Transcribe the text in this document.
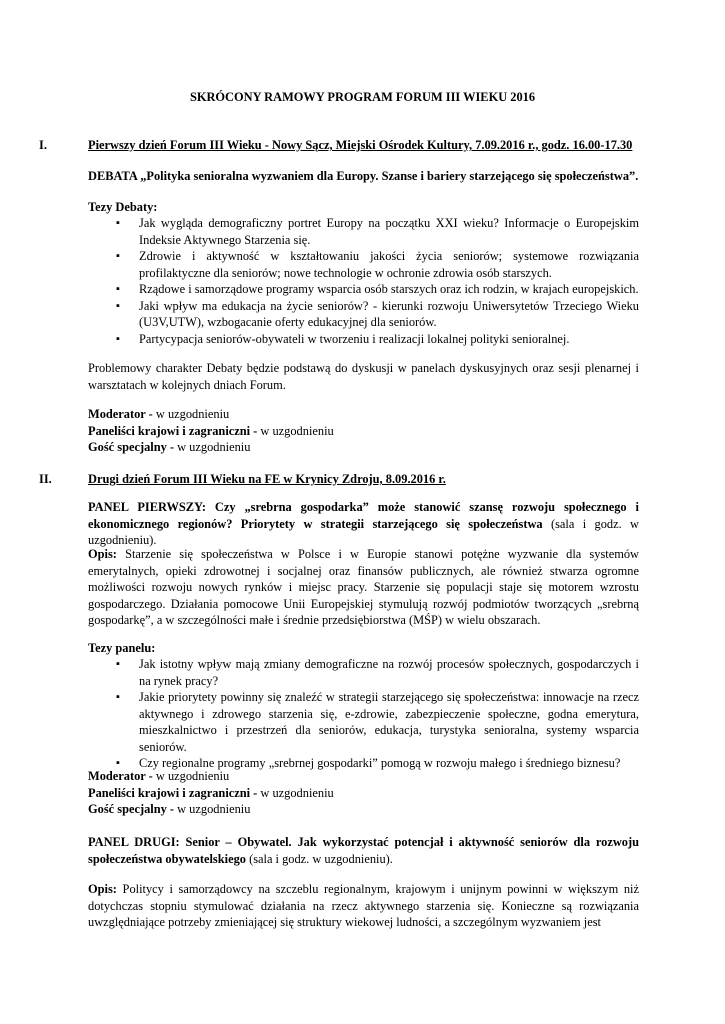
SKRÓCONY RAMOWY PROGRAM FORUM III WIEKU 2016
I.	Pierwszy dzień Forum III Wieku - Nowy Sącz, Miejski Ośrodek Kultury, 7.09.2016 r., godz. 16.00-17.30
DEBATA „Polityka senioralna wyzwaniem dla Europy. Szanse i bariery starzejącego się społeczeństwa”.
Tezy Debaty:
▪ Jak wygląda demograficzny portret Europy na początku XXI wieku? Informacje o Europejskim Indeksie Aktywnego Starzenia się.
▪ Zdrowie i aktywność w kształtowaniu jakości życia seniorów; systemowe rozwiązania profilaktyczne dla seniorów; nowe technologie w ochronie zdrowia osób starszych.
▪ Rządowe i samorządowe programy wsparcia osób starszych oraz ich rodzin, w krajach europejskich.
▪ Jaki wpływ ma edukacja na życie seniorów? - kierunki rozwoju Uniwersytetów Trzeciego Wieku (U3V,UTW), wzbogacanie oferty edukacyjnej dla seniorów.
▪ Partycypacja seniorów-obywateli w tworzeniu i realizacji lokalnej polityki senioralnej.
Problemowy charakter Debaty będzie podstawą do dyskusji w panelach dyskusyjnych oraz sesji plenarnej i warsztatach w kolejnych dniach Forum.
Moderator - w uzgodnieniu
Paneliści krajowi i zagraniczni - w uzgodnieniu
Gość specjalny - w uzgodnieniu
II.	Drugi dzień Forum III Wieku na FE w Krynicy Zdroju, 8.09.2016 r.
PANEL PIERWSZY: Czy „srebrna gospodarka” może stanowić szansę rozwoju społecznego i ekonomicznego regionów? Priorytety w strategii starzejącego się społeczeństwa (sala i godz. w uzgodnieniu).
Opis: Starzenie się społeczeństwa w Polsce i w Europie stanowi potężne wyzwanie dla systemów emerytalnych, opieki zdrowotnej i socjalnej oraz finansów publicznych, ale również stwarza ogromne możliwości rozwoju nowych rynków i miejsc pracy. Starzenie się populacji staje się motorem wzrostu gospodarczego. Działania pomocowe Unii Europejskiej stymulują rozwój podmiotów tworzących „srebrną gospodarkę”, a w szczególności małe i średnie przedsiębiorstwa (MŚP) w wielu obszarach.
Tezy panelu:
▪ Jak istotny wpływ mają zmiany demograficzne na rozwój procesów społecznych, gospodarczych i na rynek pracy?
▪ Jakie priorytety powinny się znaleźć w strategii starzejącego się społeczeństwa: innowacje na rzecz aktywnego i zdrowego starzenia się, e-zdrowie, zabezpieczenie społeczne, godna emerytura, mieszkalnictwo i przestrzeń dla seniorów, edukacja, turystyka senioralna, systemy wsparcia seniorów.
▪ Czy regionalne programy „srebrnej gospodarki” pomogą w rozwoju małego i średniego biznesu?
Moderator - w uzgodnieniu
Paneliści krajowi i zagraniczni - w uzgodnieniu
Gość specjalny - w uzgodnieniu
PANEL DRUGI: Senior – Obywatel. Jak wykorzystać potencjał i aktywność seniorów dla rozwoju społeczeństwa obywatelskiego (sala i godz. w uzgodnieniu).
Opis: Politycy i samorządowcy na szczeblu regionalnym, krajowym i unijnym powinni w większym niż dotychczas stopniu stymulować działania na rzecz aktywnego starzenia się. Konieczne są rozwiązania uwzględniające potrzeby zmieniającej się struktury wiekowej ludności, a szczególnym wyzwaniem jest
